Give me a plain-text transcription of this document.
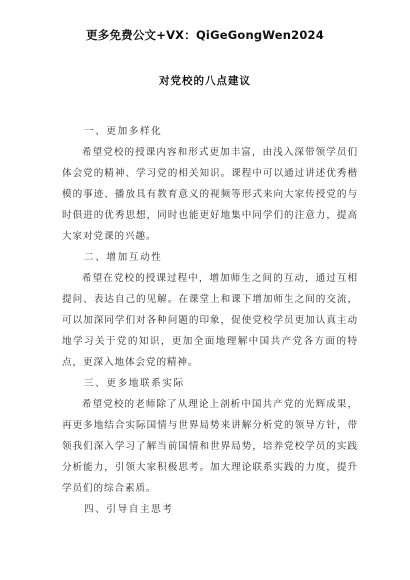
更多免费公文+VX：QiGeGongWen2024
对党校的八点建议

一、更加多样化

希望党校的授课内容和形式更加丰富，由浅入深带领学员们体会党的精神、学习党的相关知识。课程中可以通过讲述优秀楷模的事迹、播放具有教育意义的视频等形式来向大家传授党的与时俱进的优秀思想，同时也能更好地集中同学们的注意力，提高大家对党课的兴趣。

二、增加互动性

希望在党校的授课过程中，增加师生之间的互动，通过互相提问、表达自己的见解。在课堂上和课下增加师生之间的交流，可以加深同学们对各种问题的印象，促使党校学员更加认真主动地学习关于党的知识，更加全面地理解中国共产党各方面的特点，更深入地体会党的精神。

三、更多地联系实际

希望党校的老师除了从理论上剖析中国共产党的光辉成果，再更多地结合实际国情与世界局势来讲解分析党的领导方针，带领我们深入学习了解当前国情和世界局势，培养党校学员的实践分析能力，引领大家积极思考。加大理论联系实践的力度，提升学员们的综合素质。

四、引导自主思考
